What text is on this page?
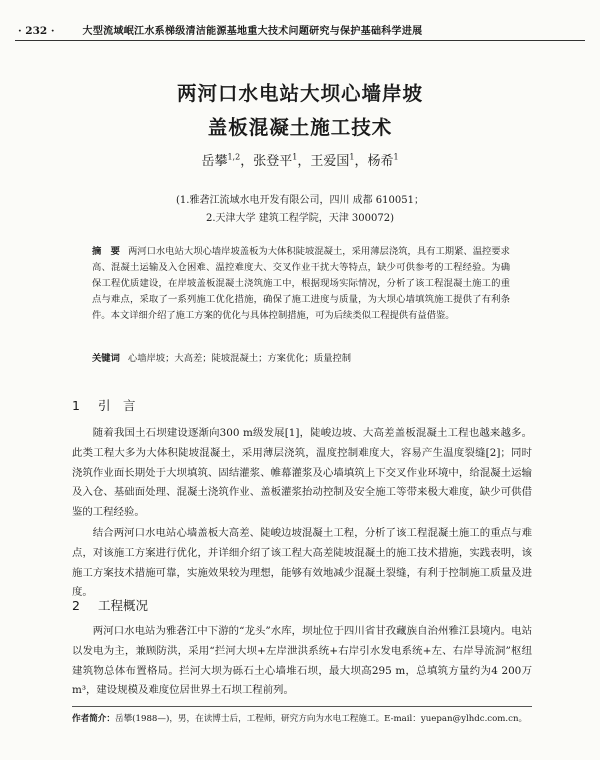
· 232 ·	大型流域岷江水系梯级清洁能源基地重大技术问题研究与保护基础科学进展
两河口水电站大坝心墙岸坡
盖板混凝土施工技术
岳攀$^{1,2}$，张登平$^1$，王爱国$^1$，杨希$^1$
(1.雅砻江流域水电开发有限公司，四川 成都 610051；
2.天津大学 建筑工程学院，天津 300072)
摘　要 两河口水电站大坝心墙岸坡盖板为大体积陡坡混凝土，采用薄层浇筑，具有工期紧、温控要求高、混凝土运输及入仓困难、温控难度大、交叉作业干扰大等特点，缺少可供参考的工程经验。为确保工程优质建设，在岸坡盖板混凝土浇筑施工中，根据现场实际情况，分析了该工程混凝土施工的重点与难点，采取了一系列施工优化措施，确保了施工进度与质量，为大坝心墙填筑施工提供了有利条件。本文详细介绍了施工方案的优化与具体控制措施，可为后续类似工程提供有益借鉴。
关键词 心墙岸坡；大高差；陡坡混凝土；方案优化；质量控制
1 引　言
随着我国土石坝建设逐渐向300 m级发展[1]，陡峻边坡、大高差盖板混凝土工程也越来越多。此类工程大多为大体积陡坡混凝土，采用薄层浇筑，温度控制难度大，容易产生温度裂缝[2]；同时浇筑作业面长期处于大坝填筑、固结灌浆、帷幕灌浆及心墙填筑上下交叉作业环境中，给混凝土运输及入仓、基础面处理、混凝土浇筑作业、盖板灌浆抬动控制及安全施工等带来极大难度，缺少可供借鉴的工程经验。
结合两河口水电站心墙盖板大高差、陡峻边坡混凝土工程，分析了该工程混凝土施工的重点与难点，对该施工方案进行优化，并详细介绍了该工程大高差陡坡混凝土的施工技术措施，实践表明，该施工方案技术措施可靠，实施效果较为理想，能够有效地减少混凝土裂缝，有利于控制施工质量及进度。
2 工程概况
两河口水电站为雅砻江中下游的“龙头”水库，坝址位于四川省甘孜藏族自治州雅江县境内。电站以发电为主，兼顾防洪，采用“拦河大坝+左岸泄洪系统+右岸引水发电系统+左、右岸导流洞”枢纽建筑物总体布置格局。拦河大坝为砾石土心墙堆石坝，最大坝高295 m，总填筑方量约为4 200万m³，建设规模及难度位居世界土石坝工程前列。
作者简介：岳攀(1988—)，男，在读博士后，工程师，研究方向为水电工程施工。E-mail：yuepan@ylhdc.com.cn。
